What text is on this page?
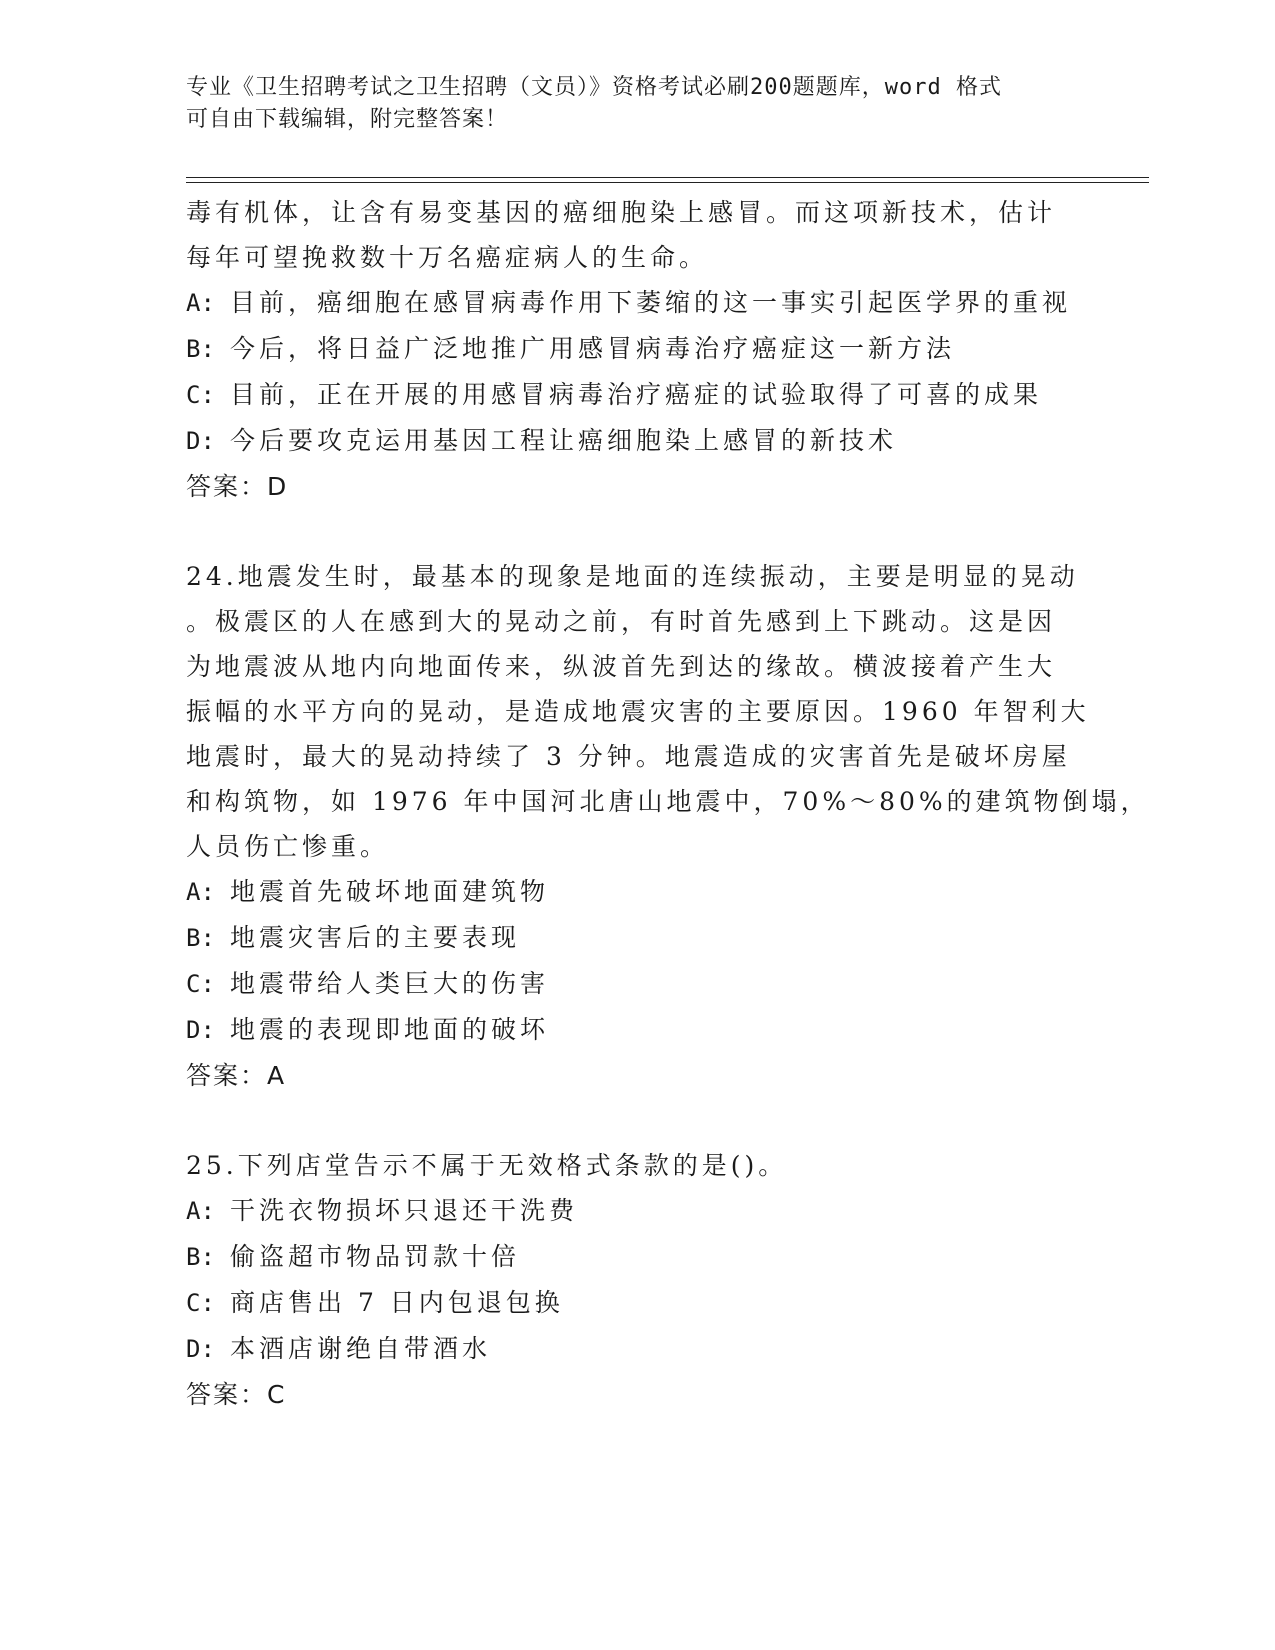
专业《卫生招聘考试之卫生招聘（文员）》资格考试必刷200题题库，word 格式
可自由下载编辑，附完整答案！
毒有机体，让含有易变基因的癌细胞染上感冒。而这项新技术，估计
每年可望挽救数十万名癌症病人的生命。
A: 目前，癌细胞在感冒病毒作用下萎缩的这一事实引起医学界的重视
B: 今后，将日益广泛地推广用感冒病毒治疗癌症这一新方法
C: 目前，正在开展的用感冒病毒治疗癌症的试验取得了可喜的成果
D: 今后要攻克运用基因工程让癌细胞染上感冒的新技术
答案：D
24.地震发生时，最基本的现象是地面的连续振动，主要是明显的晃动
。极震区的人在感到大的晃动之前，有时首先感到上下跳动。这是因
为地震波从地内向地面传来，纵波首先到达的缘故。横波接着产生大
振幅的水平方向的晃动，是造成地震灾害的主要原因。1960 年智利大
地震时，最大的晃动持续了 3 分钟。地震造成的灾害首先是破坏房屋
和构筑物，如 1976 年中国河北唐山地震中，70%～80%的建筑物倒塌，
人员伤亡惨重。
A: 地震首先破坏地面建筑物
B: 地震灾害后的主要表现
C: 地震带给人类巨大的伤害
D: 地震的表现即地面的破坏
答案：A
25.下列店堂告示不属于无效格式条款的是()。
A: 干洗衣物损坏只退还干洗费
B: 偷盗超市物品罚款十倍
C: 商店售出 7 日内包退包换
D: 本酒店谢绝自带酒水
答案：C
